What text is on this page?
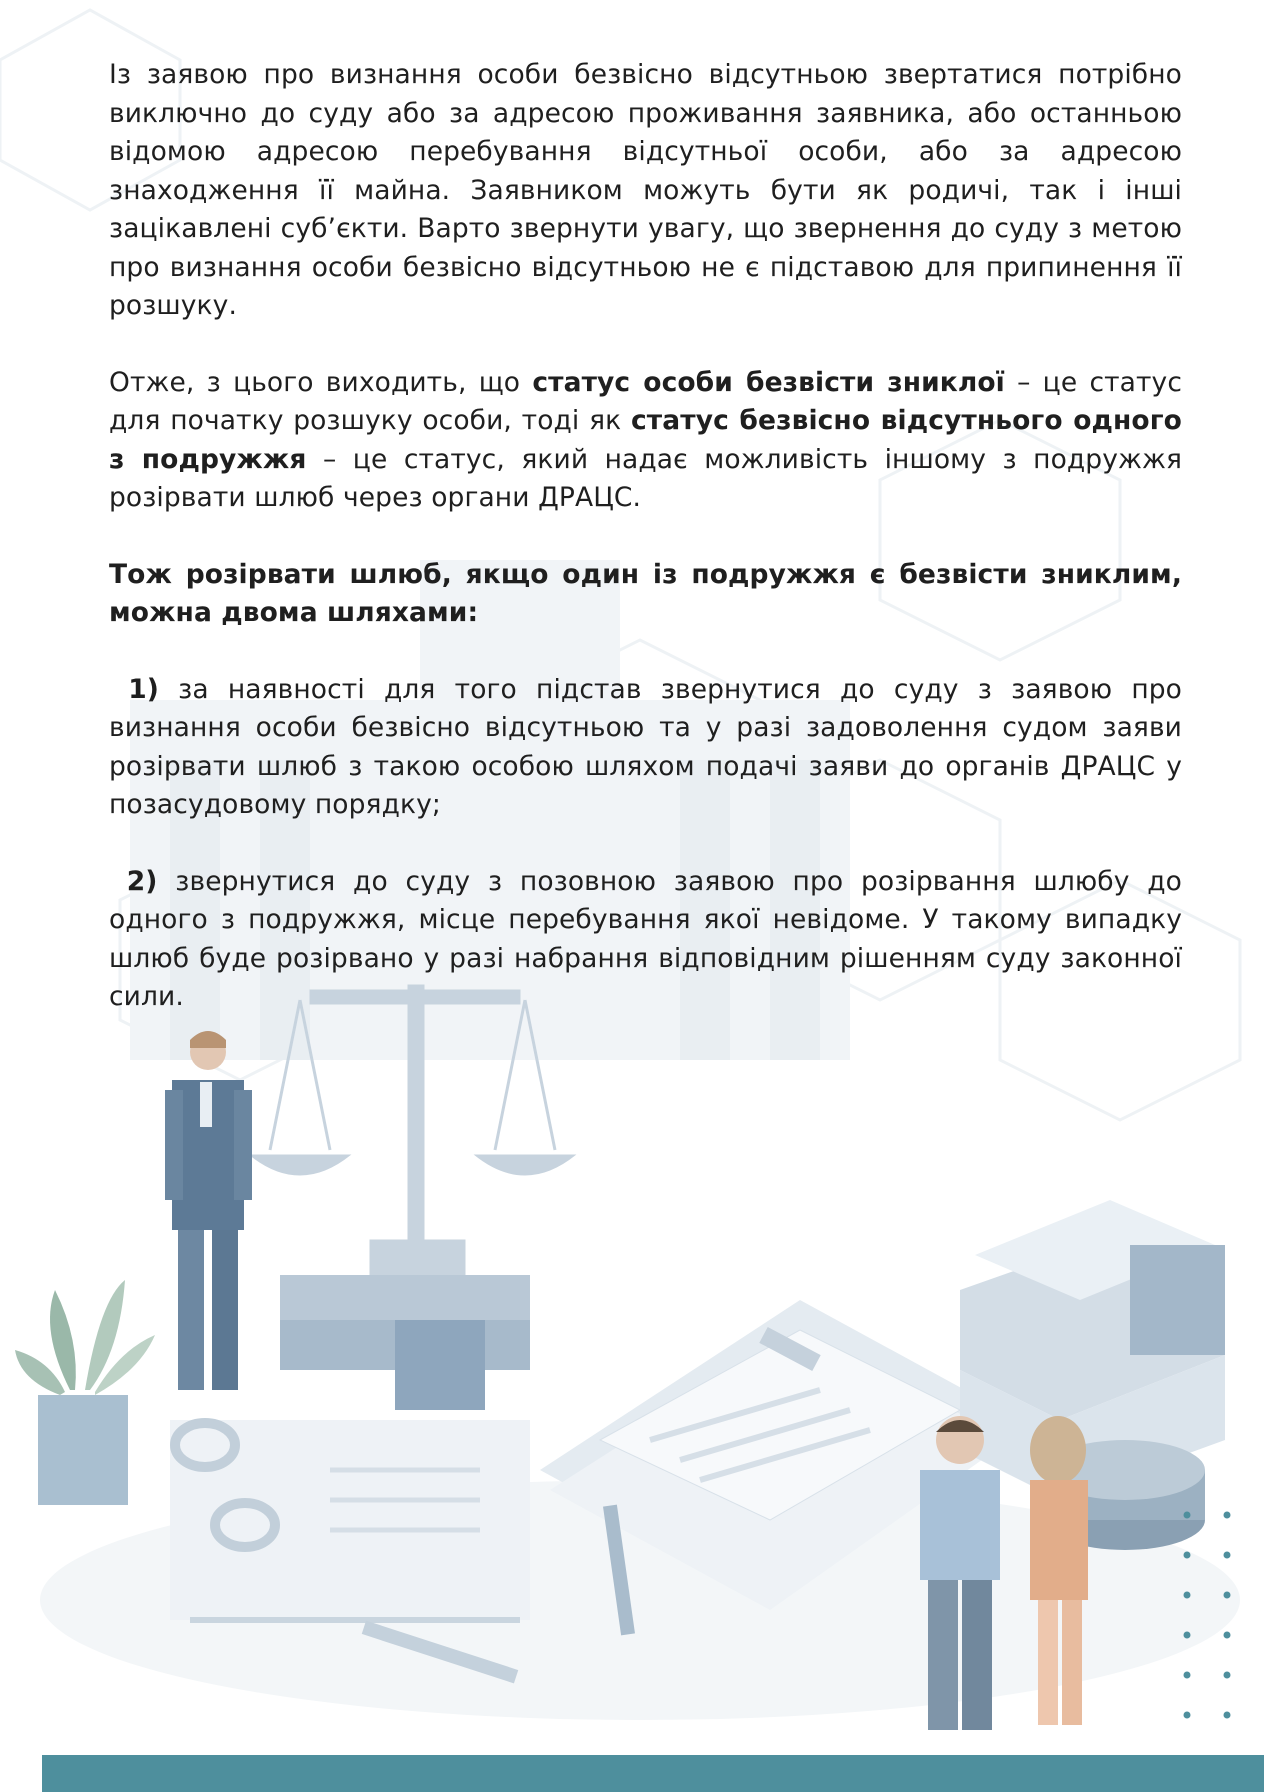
Із заявою про визнання особи безвісно відсутньою звертатися потрібно виключно до суду або за адресою проживання заявника, або останньою відомою адресою перебування відсутньої особи, або за адресою знаходження її майна. Заявником можуть бути як родичі, так і інші зацікавлені суб’єкти. Варто звернути увагу, що звернення до суду з метою про визнання особи безвісно відсутньою не є підставою для припинення її розшуку.

Отже, з цього виходить, що статус особи безвісти зниклої – це статус для початку розшуку особи, тоді як статус безвісно відсутнього одного з подружжя – це статус, який надає можливість іншому з подружжя розірвати шлюб через органи ДРАЦС.

Тож розірвати шлюб, якщо один із подружжя є безвісти зниклим, можна двома шляхами:

1) за наявності для того підстав звернутися до суду з заявою про визнання особи безвісно відсутньою та у разі задоволення судом заяви розірвати шлюб з такою особою шляхом подачі заяви до органів ДРАЦС у позасудовому порядку;

2) звернутися до суду з позовною заявою про розірвання шлюбу до одного з подружжя, місце перебування якої невідоме. У такому випадку шлюб буде розірвано у разі набрання відповідним рішенням суду законної сили.
